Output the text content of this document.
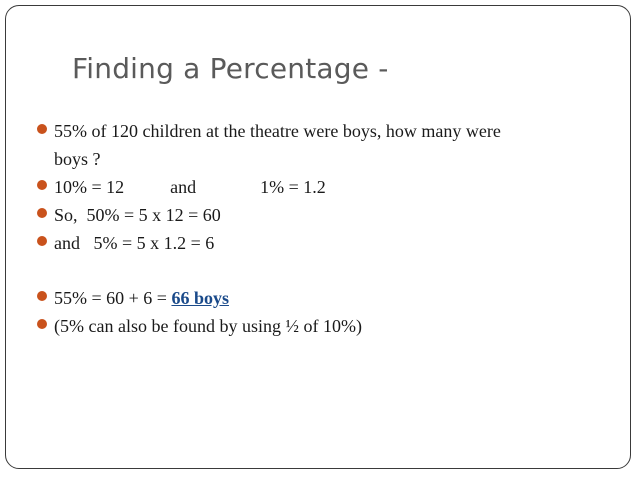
Finding a Percentage -
55% of 120 children at the theatre were boys, how many were
boys ?
10% = 12	and	1% = 1.2
So,  50% = 5 x 12 = 60
and   5% = 5 x 1.2 = 6
55% = 60 + 6 = 66 boys
(5% can also be found by using ½ of 10%)
